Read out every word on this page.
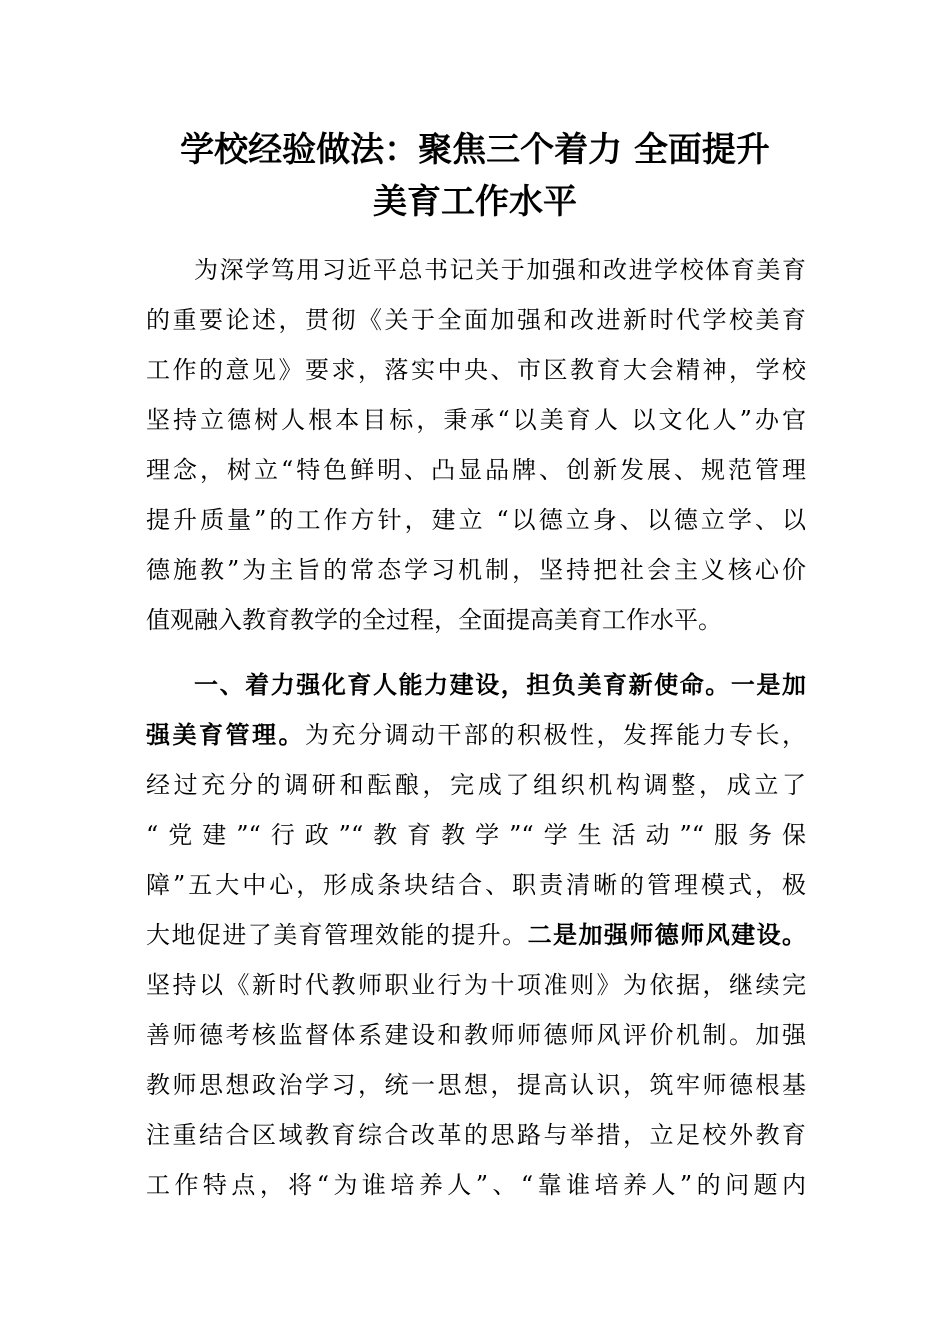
学校经验做法：聚焦三个着力 全面提升
美育工作水平
为深学笃用习近平总书记关于加强和改进学校体育美育
的重要论述，贯彻《关于全面加强和改进新时代学校美育
工作的意见》要求，落实中央、市区教育大会精神，学校
坚持立德树人根本目标，秉承“以美育人 以文化人”办官
理念，树立“特色鲜明、凸显品牌、创新发展、规范管理
提升质量”的工作方针，建立 “以德立身、以德立学、以
德施教”为主旨的常态学习机制，坚持把社会主义核心价
值观融入教育教学的全过程，全面提高美育工作水平。
一、着力强化育人能力建设，担负美育新使命。一是加
强美育管理。为充分调动干部的积极性，发挥能力专长，
经过充分的调研和酝酿，完成了组织机构调整，成立了
“党建”“行政”“教育教学”“学生活动”“服务保
障”五大中心，形成条块结合、职责清晰的管理模式，极
大地促进了美育管理效能的提升。二是加强师德师风建设。
坚持以《新时代教师职业行为十项准则》为依据，继续完
善师德考核监督体系建设和教师师德师风评价机制。加强
教师思想政治学习，统一思想，提高认识，筑牢师德根基
注重结合区域教育综合改革的思路与举措，立足校外教育
工作特点，将“为谁培养人”、“靠谁培养人”的问题内
